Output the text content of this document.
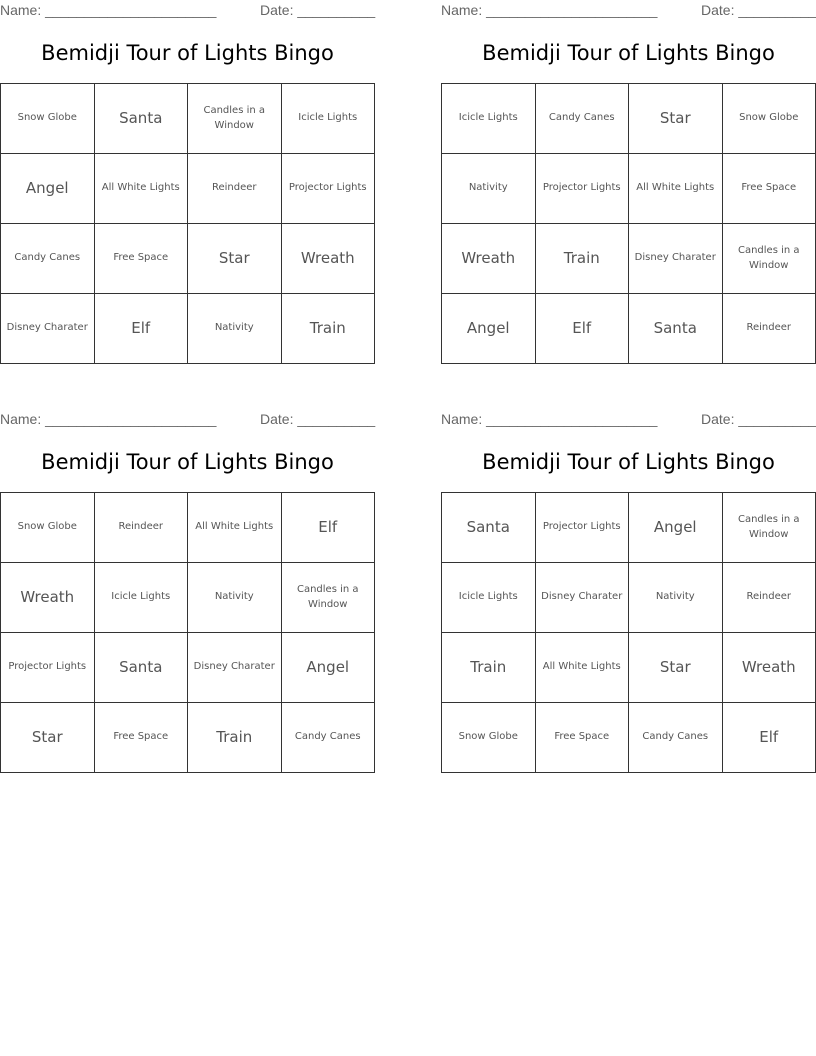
Name: ______________________	Date: __________
Bemidji Tour of Lights Bingo
Snow Globe	Santa	Candles in a Window	Icicle Lights
Angel	All White Lights	Reindeer	Projector Lights
Candy Canes	Free Space	Star	Wreath
Disney Charater	Elf	Nativity	Train
Name: ______________________	Date: __________
Bemidji Tour of Lights Bingo
Icicle Lights	Candy Canes	Star	Snow Globe
Nativity	Projector Lights	All White Lights	Free Space
Wreath	Train	Disney Charater	Candles in a Window
Angel	Elf	Santa	Reindeer
Name: ______________________	Date: __________
Bemidji Tour of Lights Bingo
Snow Globe	Reindeer	All White Lights	Elf
Wreath	Icicle Lights	Nativity	Candles in a Window
Projector Lights	Santa	Disney Charater	Angel
Star	Free Space	Train	Candy Canes
Name: ______________________	Date: __________
Bemidji Tour of Lights Bingo
Santa	Projector Lights	Angel	Candles in a Window
Icicle Lights	Disney Charater	Nativity	Reindeer
Train	All White Lights	Star	Wreath
Snow Globe	Free Space	Candy Canes	Elf
